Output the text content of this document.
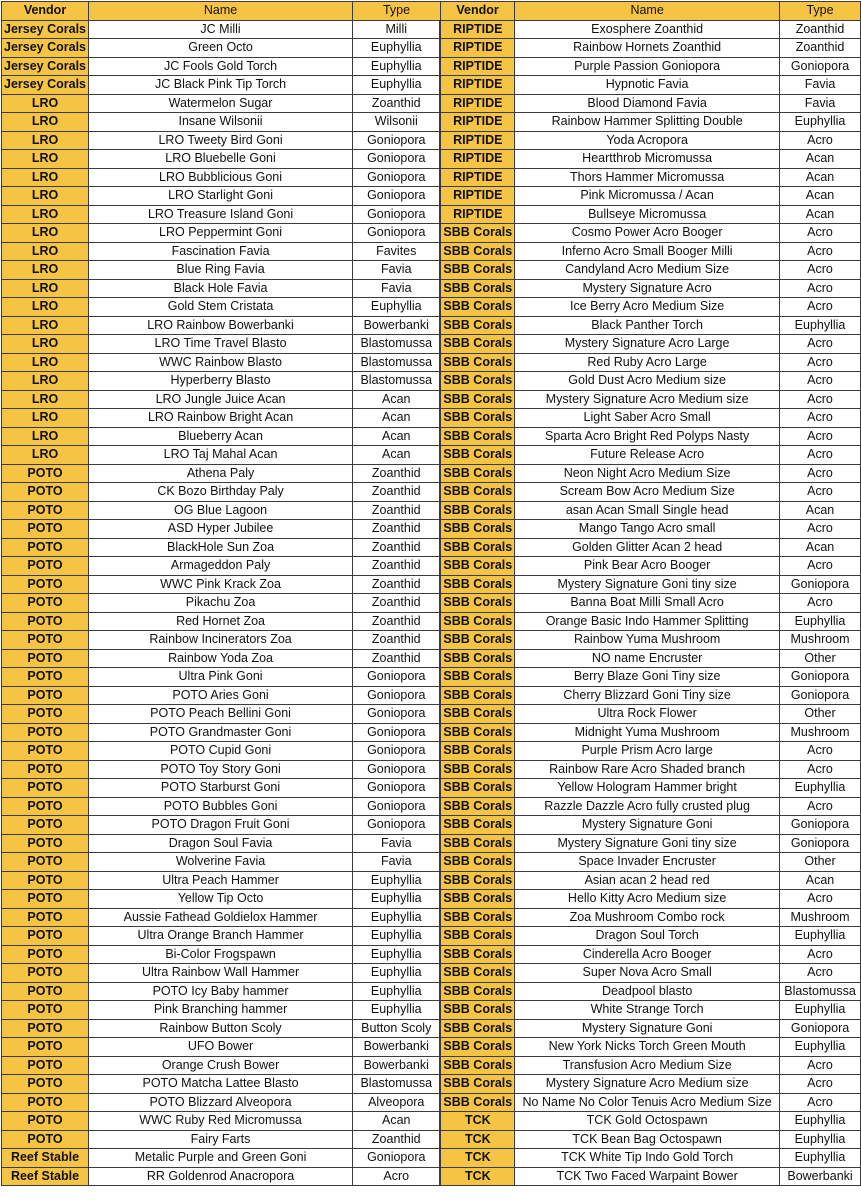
Vendor	Name	Type	Vendor	Name	Type
Jersey Corals	JC Milli	Milli	RIPTIDE	Exosphere Zoanthid	Zoanthid
Jersey Corals	Green Octo	Euphyllia	RIPTIDE	Rainbow Hornets Zoanthid	Zoanthid
Jersey Corals	JC Fools Gold Torch	Euphyllia	RIPTIDE	Purple Passion Goniopora	Goniopora
Jersey Corals	JC Black Pink Tip Torch	Euphyllia	RIPTIDE	Hypnotic Favia	Favia
LRO	Watermelon Sugar	Zoanthid	RIPTIDE	Blood Diamond Favia	Favia
LRO	Insane Wilsonii	Wilsonii	RIPTIDE	Rainbow Hammer Splitting Double	Euphyllia
LRO	LRO Tweety Bird Goni	Goniopora	RIPTIDE	Yoda Acropora	Acro
LRO	LRO Bluebelle Goni	Goniopora	RIPTIDE	Heartthrob Micromussa	Acan
LRO	LRO Bubblicious Goni	Goniopora	RIPTIDE	Thors Hammer Micromussa	Acan
LRO	LRO Starlight Goni	Goniopora	RIPTIDE	Pink Micromussa / Acan	Acan
LRO	LRO Treasure Island Goni	Goniopora	RIPTIDE	Bullseye Micromussa	Acan
LRO	LRO Peppermint Goni	Goniopora	SBB Corals	Cosmo Power Acro Booger	Acro
LRO	Fascination Favia	Favites	SBB Corals	Inferno Acro Small Booger Milli	Acro
LRO	Blue Ring Favia	Favia	SBB Corals	Candyland Acro Medium Size	Acro
LRO	Black Hole Favia	Favia	SBB Corals	Mystery Signature Acro	Acro
LRO	Gold Stem Cristata	Euphyllia	SBB Corals	Ice Berry Acro Medium Size	Acro
LRO	LRO Rainbow Bowerbanki	Bowerbanki	SBB Corals	Black Panther Torch	Euphyllia
LRO	LRO Time Travel Blasto	Blastomussa	SBB Corals	Mystery Signature Acro Large	Acro
LRO	WWC Rainbow Blasto	Blastomussa	SBB Corals	Red Ruby Acro Large	Acro
LRO	Hyperberry Blasto	Blastomussa	SBB Corals	Gold Dust Acro Medium size	Acro
LRO	LRO Jungle Juice Acan	Acan	SBB Corals	Mystery Signature Acro Medium size	Acro
LRO	LRO Rainbow Bright Acan	Acan	SBB Corals	Light Saber Acro Small	Acro
LRO	Blueberry Acan	Acan	SBB Corals	Sparta Acro Bright Red Polyps Nasty	Acro
LRO	LRO Taj Mahal Acan	Acan	SBB Corals	Future Release Acro	Acro
POTO	Athena Paly	Zoanthid	SBB Corals	Neon Night Acro Medium Size	Acro
POTO	CK Bozo Birthday Paly	Zoanthid	SBB Corals	Scream Bow Acro Medium Size	Acro
POTO	OG Blue Lagoon	Zoanthid	SBB Corals	asan Acan Small Single head	Acan
POTO	ASD Hyper Jubilee	Zoanthid	SBB Corals	Mango Tango Acro small	Acro
POTO	BlackHole Sun Zoa	Zoanthid	SBB Corals	Golden Glitter Acan 2 head	Acan
POTO	Armageddon Paly	Zoanthid	SBB Corals	Pink Bear Acro Booger	Acro
POTO	WWC Pink Krack Zoa	Zoanthid	SBB Corals	Mystery Signature Goni tiny size	Goniopora
POTO	Pikachu Zoa	Zoanthid	SBB Corals	Banna Boat Milli Small Acro	Acro
POTO	Red Hornet Zoa	Zoanthid	SBB Corals	Orange Basic Indo Hammer Splitting	Euphyllia
POTO	Rainbow Incinerators Zoa	Zoanthid	SBB Corals	Rainbow Yuma Mushroom	Mushroom
POTO	Rainbow Yoda Zoa	Zoanthid	SBB Corals	NO name Encruster	Other
POTO	Ultra Pink Goni	Goniopora	SBB Corals	Berry Blaze Goni Tiny size	Goniopora
POTO	POTO Aries Goni	Goniopora	SBB Corals	Cherry Blizzard Goni Tiny size	Goniopora
POTO	POTO Peach Bellini Goni	Goniopora	SBB Corals	Ultra Rock Flower	Other
POTO	POTO Grandmaster Goni	Goniopora	SBB Corals	Midnight Yuma Mushroom	Mushroom
POTO	POTO Cupid Goni	Goniopora	SBB Corals	Purple Prism Acro large	Acro
POTO	POTO Toy Story Goni	Goniopora	SBB Corals	Rainbow Rare Acro Shaded branch	Acro
POTO	POTO Starburst Goni	Goniopora	SBB Corals	Yellow Hologram Hammer bright	Euphyllia
POTO	POTO Bubbles Goni	Goniopora	SBB Corals	Razzle Dazzle Acro fully crusted plug	Acro
POTO	POTO Dragon Fruit Goni	Goniopora	SBB Corals	Mystery Signature Goni	Goniopora
POTO	Dragon Soul Favia	Favia	SBB Corals	Mystery Signature Goni tiny size	Goniopora
POTO	Wolverine Favia	Favia	SBB Corals	Space Invader Encruster	Other
POTO	Ultra Peach Hammer	Euphyllia	SBB Corals	Asian acan 2 head red	Acan
POTO	Yellow Tip Octo	Euphyllia	SBB Corals	Hello Kitty Acro Medium size	Acro
POTO	Aussie Fathead Goldielox Hammer	Euphyllia	SBB Corals	Zoa Mushroom Combo rock	Mushroom
POTO	Ultra Orange Branch Hammer	Euphyllia	SBB Corals	Dragon Soul Torch	Euphyllia
POTO	Bi-Color Frogspawn	Euphyllia	SBB Corals	Cinderella Acro Booger	Acro
POTO	Ultra Rainbow Wall Hammer	Euphyllia	SBB Corals	Super Nova Acro Small	Acro
POTO	POTO Icy Baby hammer	Euphyllia	SBB Corals	Deadpool blasto	Blastomussa
POTO	Pink Branching hammer	Euphyllia	SBB Corals	White Strange Torch	Euphyllia
POTO	Rainbow Button Scoly	Button Scoly	SBB Corals	Mystery Signature Goni	Goniopora
POTO	UFO Bower	Bowerbanki	SBB Corals	New York Nicks Torch Green Mouth	Euphyllia
POTO	Orange Crush Bower	Bowerbanki	SBB Corals	Transfusion Acro Medium Size	Acro
POTO	POTO Matcha Lattee Blasto	Blastomussa	SBB Corals	Mystery Signature Acro Medium size	Acro
POTO	POTO Blizzard Alveopora	Alveopora	SBB Corals	No Name No Color Tenuis Acro Medium Size	Acro
POTO	WWC Ruby Red Micromussa	Acan	TCK	TCK Gold Octospawn	Euphyllia
POTO	Fairy Farts	Zoanthid	TCK	TCK Bean Bag Octospawn	Euphyllia
Reef Stable	Metalic Purple and Green Goni	Goniopora	TCK	TCK White Tip Indo Gold Torch	Euphyllia
Reef Stable	RR Goldenrod Anacropora	Acro	TCK	TCK Two Faced Warpaint Bower	Bowerbanki
